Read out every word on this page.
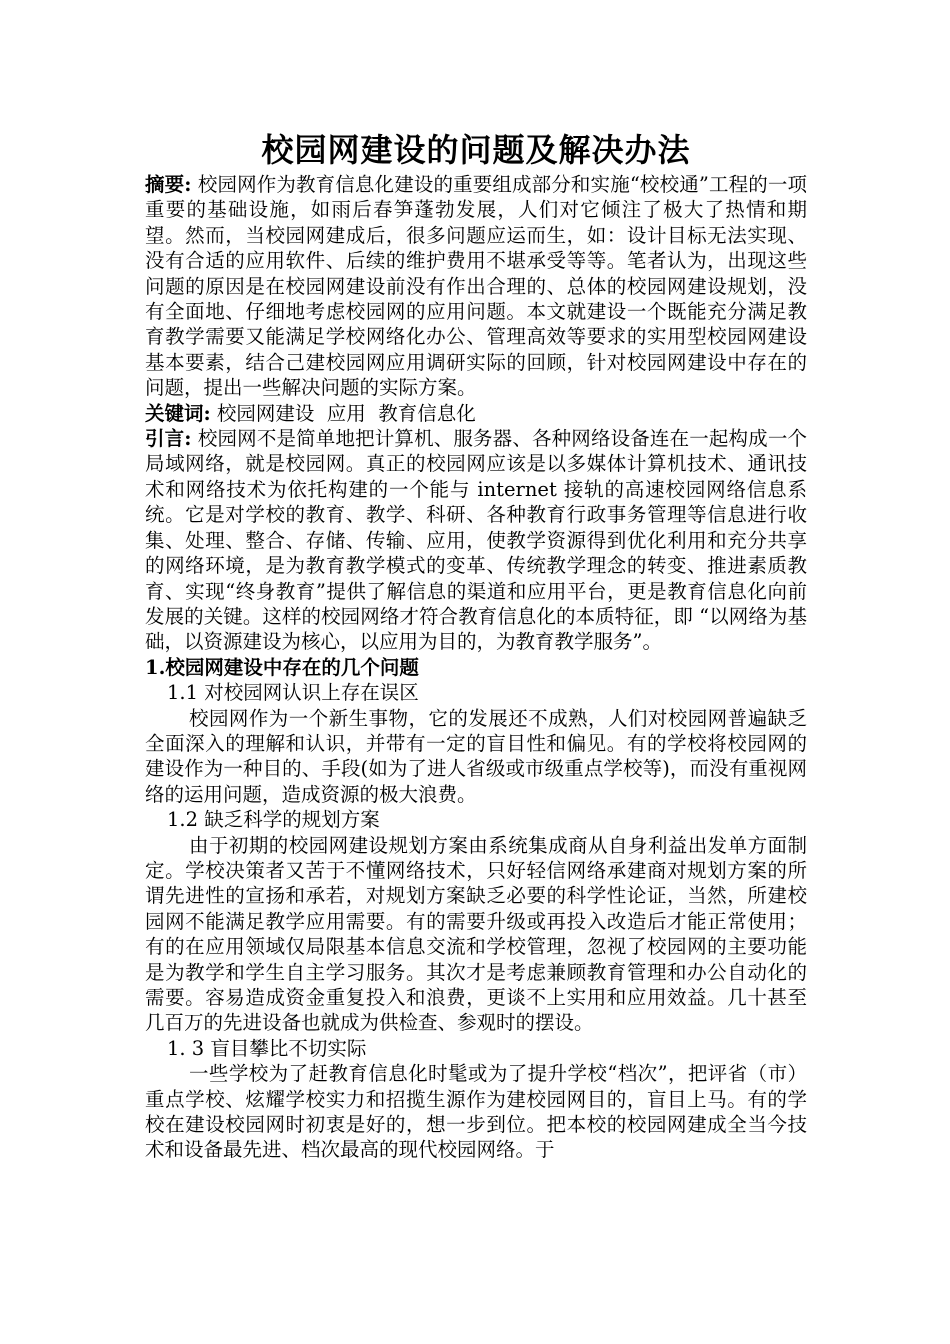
校园网建设的问题及解决办法

摘要: 校园网作为教育信息化建设的重要组成部分和实施“校校通”工程的一项重要的基础设施，如雨后春笋蓬勃发展，人们对它倾注了极大了热情和期望。然而，当校园网建成后，很多问题应运而生，如：设计目标无法实现、没有合适的应用软件、后续的维护费用不堪承受等等。笔者认为，出现这些问题的原因是在校园网建设前没有作出合理的、总体的校园网建设规划，没有全面地、仔细地考虑校园网的应用问题。本文就建设一个既能充分满足教育教学需要又能满足学校网络化办公、管理高效等要求的实用型校园网建设基本要素，结合己建校园网应用调研实际的回顾，针对校园网建设中存在的问题，提出一些解决问题的实际方案。

关键词: 校园网建设  应用  教育信息化

引言: 校园网不是简单地把计算机、服务器、各种网络设备连在一起构成一个局域网络，就是校园网。真正的校园网应该是以多媒体计算机技术、通讯技术和网络技术为依托构建的一个能与 internet 接轨的高速校园网络信息系统。它是对学校的教育、教学、科研、各种教育行政事务管理等信息进行收集、处理、整合、存储、传输、应用，使教学资源得到优化利用和充分共享的网络环境，是为教育教学模式的变革、传统教学理念的转变、推进素质教育、实现“终身教育”提供了解信息的渠道和应用平台，更是教育信息化向前发展的关键。这样的校园网络才符合教育信息化的本质特征，即 “以网络为基础，以资源建设为核心，以应用为目的，为教育教学服务”。

1.校园网建设中存在的几个问题

1.1 对校园网认识上存在误区

校园网作为一个新生事物，它的发展还不成熟，人们对校园网普遍缺乏全面深入的理解和认识，并带有一定的盲目性和偏见。有的学校将校园网的建设作为一种目的、手段(如为了进人省级或市级重点学校等)，而没有重视网络的运用问题，造成资源的极大浪费。

1.2 缺乏科学的规划方案

由于初期的校园网建设规划方案由系统集成商从自身利益出发单方面制定。学校决策者又苦于不懂网络技术，只好轻信网络承建商对规划方案的所谓先进性的宣扬和承若，对规划方案缺乏必要的科学性论证，当然，所建校园网不能满足教学应用需要。有的需要升级或再投入改造后才能正常使用；有的在应用领域仅局限基本信息交流和学校管理，忽视了校园网的主要功能是为教学和学生自主学习服务。其次才是考虑兼顾教育管理和办公自动化的需要。容易造成资金重复投入和浪费，更谈不上实用和应用效益。几十甚至几百万的先进设备也就成为供检查、参观时的摆设。

1. 3 盲目攀比不切实际

一些学校为了赶教育信息化时髦或为了提升学校“档次”，把评省（市）重点学校、炫耀学校实力和招揽生源作为建校园网目的，盲目上马。有的学校在建设校园网时初衷是好的，想一步到位。把本校的校园网建成全当今技术和设备最先进、档次最高的现代校园网络。于
